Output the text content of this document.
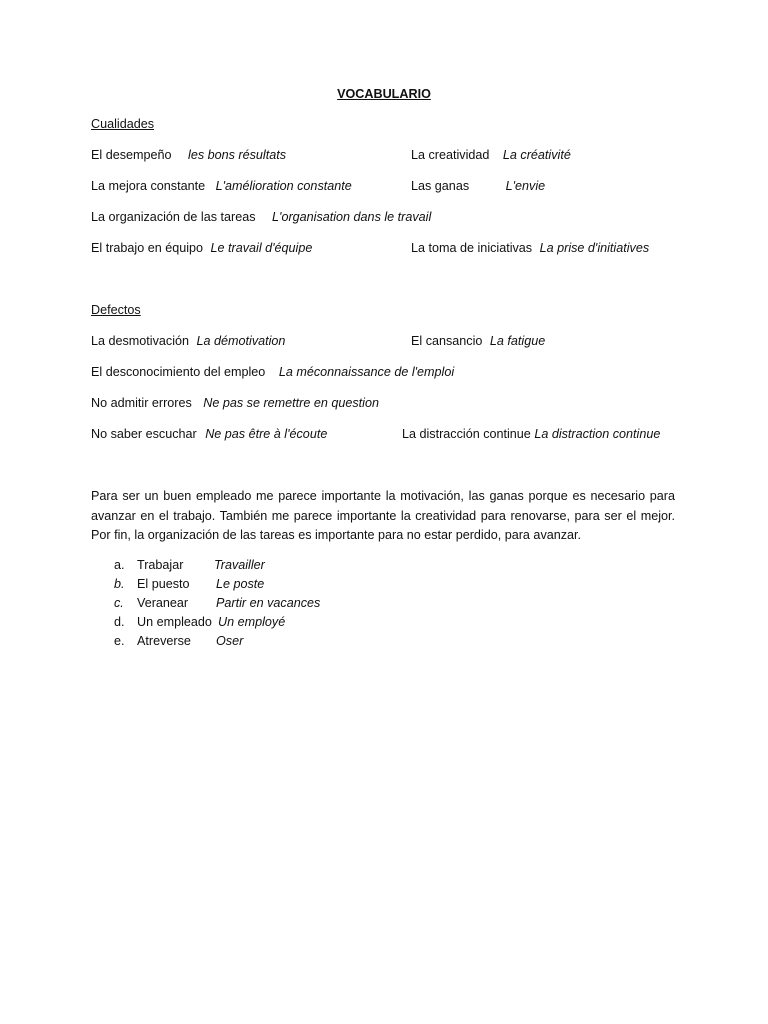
VOCABULARIO
Cualidades
El desempeño les bons résultats	La creatividad La créativité
La mejora constante L'amélioration constante	Las ganas	L'envie
La organización de las tareas L'organisation dans le travail
El trabajo en équipo Le travail d'équipe	La toma de iniciativas La prise d'initiatives
Defectos
La desmotivación La démotivation	El cansancio La fatigue
El desconocimiento del empleo La méconnaissance de l'emploi
No admitir errores Ne pas se remettre en question
No saber escuchar Ne pas être à l'écoute	La distracción continue La distraction continue

Para ser un buen empleado me parece importante la motivación, las ganas porque es necesario para avanzar en el trabajo. También me parece importante la creatividad para renovarse, para ser el mejor. Por fin, la organización de las tareas es importante para no estar perdido, para avanzar.

a. Trabajar Travailler
b. El puesto Le poste
c. Veranear Partir en vacances
d. Un empleado Un employé
e. Atreverse Oser
